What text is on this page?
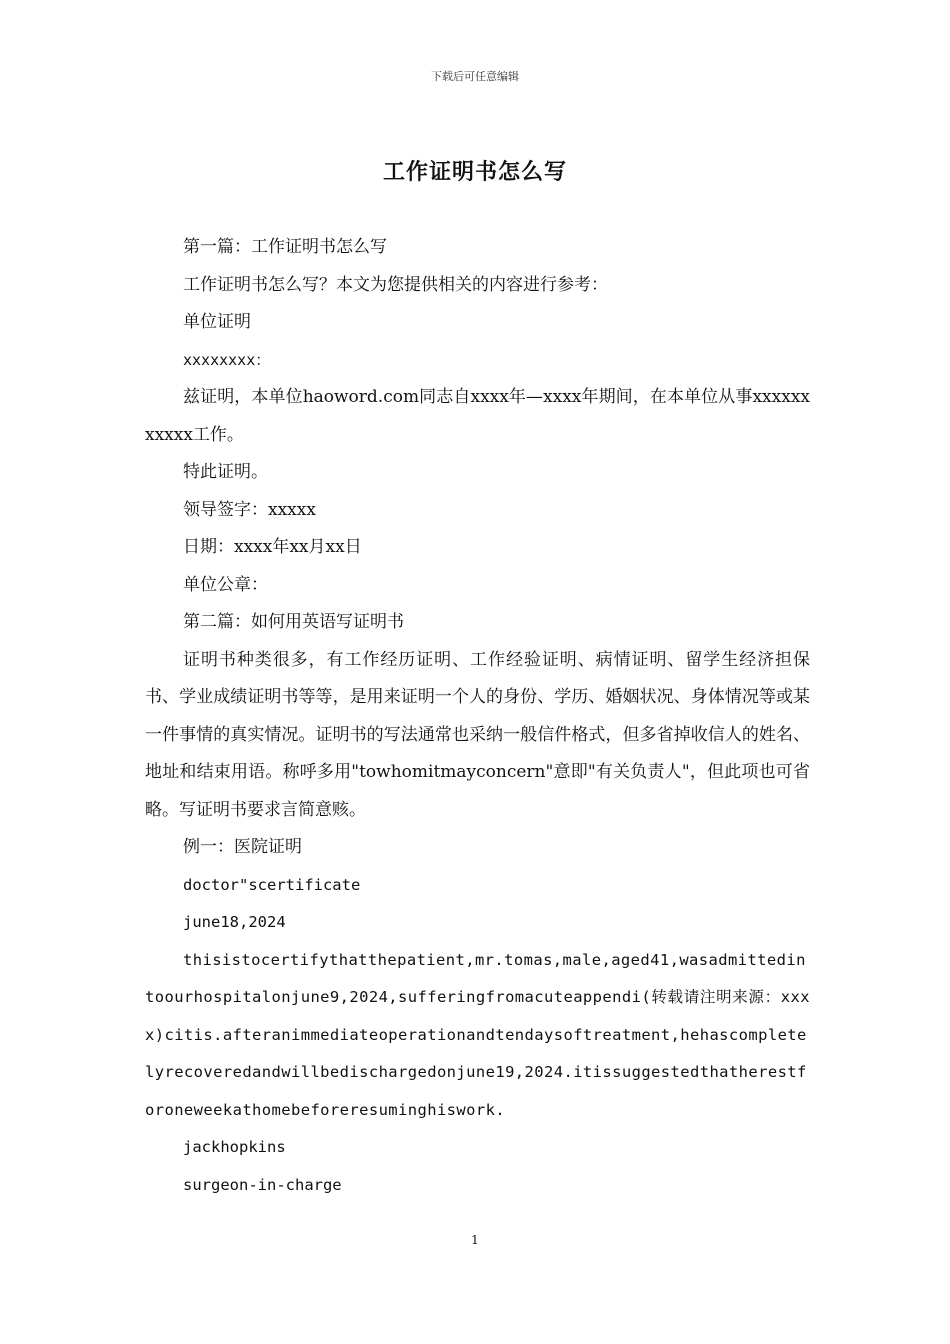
下载后可任意编辑
工作证明书怎么写

第一篇：工作证明书怎么写

工作证明书怎么写？本文为您提供相关的内容进行参考：

单位证明

xxxxxxxx：

兹证明，本单位haoword.com同志自xxxx年—xxxx年期间，在本单位从事xxxxxxxxxxx工作。

特此证明。

领导签字：xxxxx

日期：xxxx年xx月xx日

单位公章：

第二篇：如何用英语写证明书

证明书种类很多，有工作经历证明、工作经验证明、病情证明、留学生经济担保书、学业成绩证明书等等，是用来证明一个人的身份、学历、婚姻状况、身体情况等或某一件事情的真实情况。证明书的写法通常也采纳一般信件格式，但多省掉收信人的姓名、地址和结束用语。称呼多用"towhomitmayconcern"意即"有关负责人"，但此项也可省略。写证明书要求言简意赅。

例一：医院证明

doctor"scertificate

june18,2024

thisistocertifythatthepatient,mr.tomas,male,aged41,wasadmittedintoourhospitalonjune9,2024,sufferingfromacuteappendi(转载请注明来源：xxxx)citis.afteranimmediateoperationandtendaysoftreatment,hehascompletelyrecoveredandwillbedischargedonjune19,2024.itissuggestedthatherestforoneweekathomebeforeresuminghiswork.

jackhopkins

surgeon-in-charge

1
